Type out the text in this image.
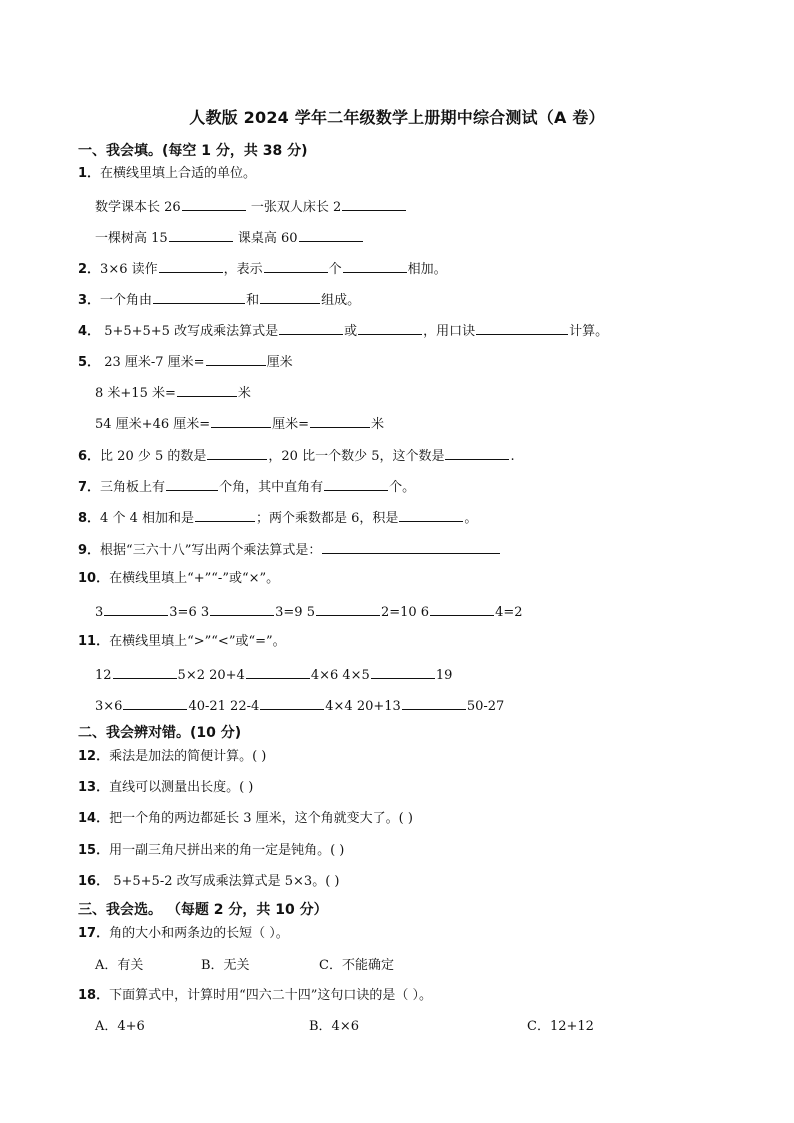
人教版 2024 学年二年级数学上册期中综合测试（A 卷）
一、我会填。(每空 1 分，共 38 分)
1．在横线里填上合适的单位。
数学课本长 26	一张双人床长 2
一棵树高 15	课桌高 60
2．3×6 读作	，表示	个	相加。
3．一个角由	和	组成。
4． 5+5+5+5 改写成乘法算式是	或	，用口诀	计算。
5． 23 厘米-7 厘米=	厘米
8 米+15 米=	米
54 厘米+46 厘米=	厘米=	米
6．比 20 少 5 的数是	，20 比一个数少 5，这个数是	.
7．三角板上有	个角，其中直角有	个。
8．4 个 4 相加和是	；两个乘数都是 6，积是	。
9．根据“三六十八”写出两个乘法算式是：
10．在横线里填上“+”“-”或“×”。
3	3=6 3	3=9 5	2=10 6	4=2
11．在横线里填上“>”“<”或“=”。
12	5×2 20+4	4×6 4×5	19
3×6	40-21 22-4	4×4 20+13	50-27
二、我会辨对错。(10 分)
12．乘法是加法的简便计算。( )
13．直线可以测量出长度。( )
14．把一个角的两边都延长 3 厘米，这个角就变大了。( )
15．用一副三角尺拼出来的角一定是钝角。( )
16． 5+5+5-2 改写成乘法算式是 5×3。( )
三、我会选。 （每题 2 分，共 10 分）
17．角的大小和两条边的长短（ ）。
A．有关	B．无关	C．不能确定
18．下面算式中，计算时用“四六二十四”这句口诀的是（ ）。
A．4+6	B．4×6	C．12+12
